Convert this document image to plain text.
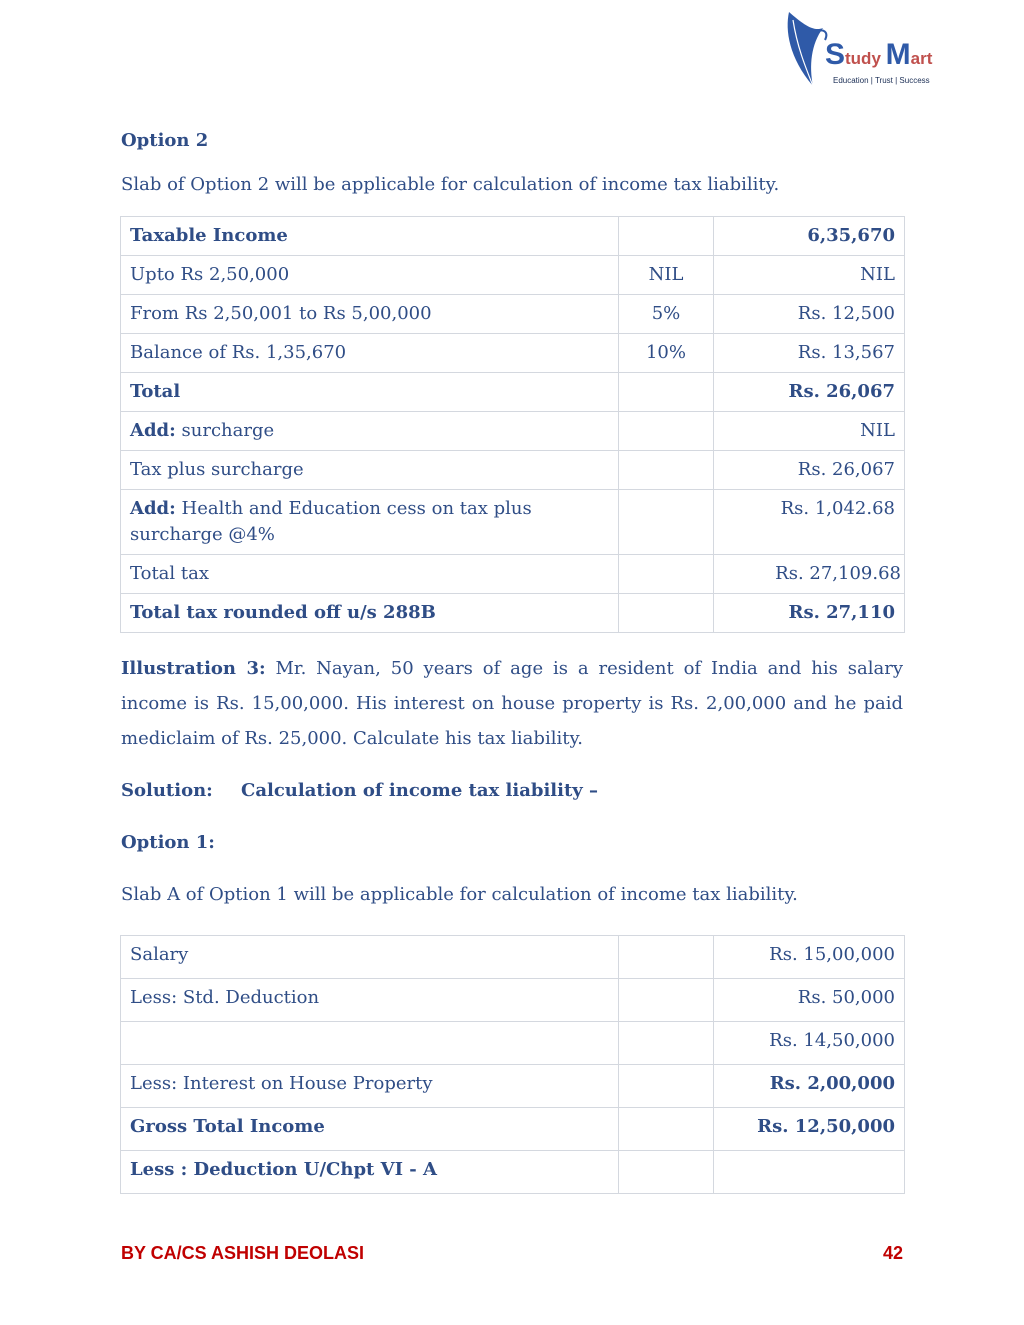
Study Mart
Education | Trust | Success

Option 2

Slab of Option 2 will be applicable for calculation of income tax liability.

Taxable Income		6,35,670
Upto Rs 2,50,000	NIL	NIL
From Rs 2,50,001 to Rs 5,00,000	5%	Rs. 12,500
Balance of Rs. 1,35,670	10%	Rs. 13,567
Total		Rs. 26,067
Add: surcharge		NIL
Tax plus surcharge		Rs. 26,067
Add: Health and Education cess on tax plus surcharge @4%		Rs. 1,042.68
Total tax		Rs. 27,109.68
Total tax rounded off u/s 288B		Rs. 27,110

Illustration 3: Mr. Nayan, 50 years of age is a resident of India and his salary income is Rs. 15,00,000. His interest on house property is Rs. 2,00,000 and he paid mediclaim of Rs. 25,000. Calculate his tax liability.

Solution: Calculation of income tax liability –

Option 1:

Slab A of Option 1 will be applicable for calculation of income tax liability.

Salary		Rs. 15,00,000
Less: Std. Deduction		Rs. 50,000
		Rs. 14,50,000
Less: Interest on House Property		Rs. 2,00,000
Gross Total Income		Rs. 12,50,000
Less : Deduction U/Chpt VI - A		
BY CA/CS ASHISH DEOLASI	42
